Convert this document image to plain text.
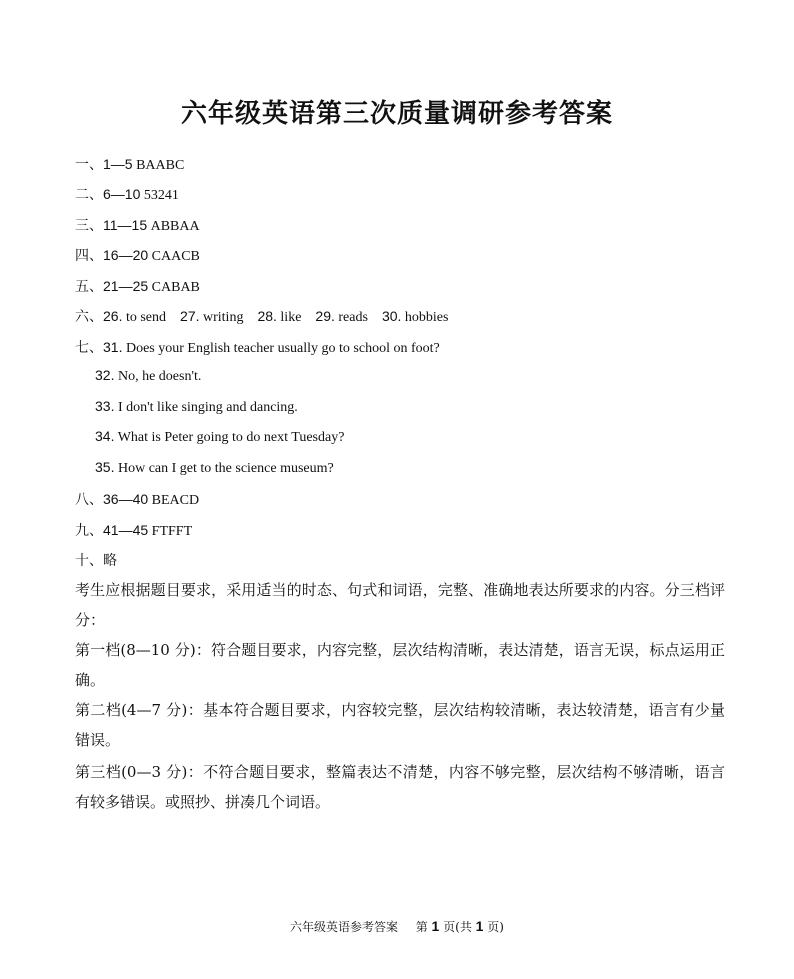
六年级英语第三次质量调研参考答案
一、1—5 BAABC
二、6—10 53241
三、11—15 ABBAA
四、16—20 CAACB
五、21—25 CABAB
六、26. to send 27. writing 28. like 29. reads 30. hobbies
七、31. Does your English teacher usually go to school on foot?
32. No, he doesn't.
33. I don't like singing and dancing.
34. What is Peter going to do next Tuesday?
35. How can I get to the science museum?
八、36—40 BEACD
九、41—45 FTFFT
十、略
考生应根据题目要求，采用适当的时态、句式和词语，完整、准确地表达所要求的内容。分三档评分：
第一档(8—10 分)：符合题目要求，内容完整，层次结构清晰，表达清楚，语言无误，标点运用正确。
第二档(4—7 分)：基本符合题目要求，内容较完整，层次结构较清晰，表达较清楚，语言有少量错误。
第三档(0—3 分)：不符合题目要求，整篇表达不清楚，内容不够完整，层次结构不够清晰，语言有较多错误。或照抄、拼凑几个词语。
六年级英语参考答案 第 1 页(共 1 页)
